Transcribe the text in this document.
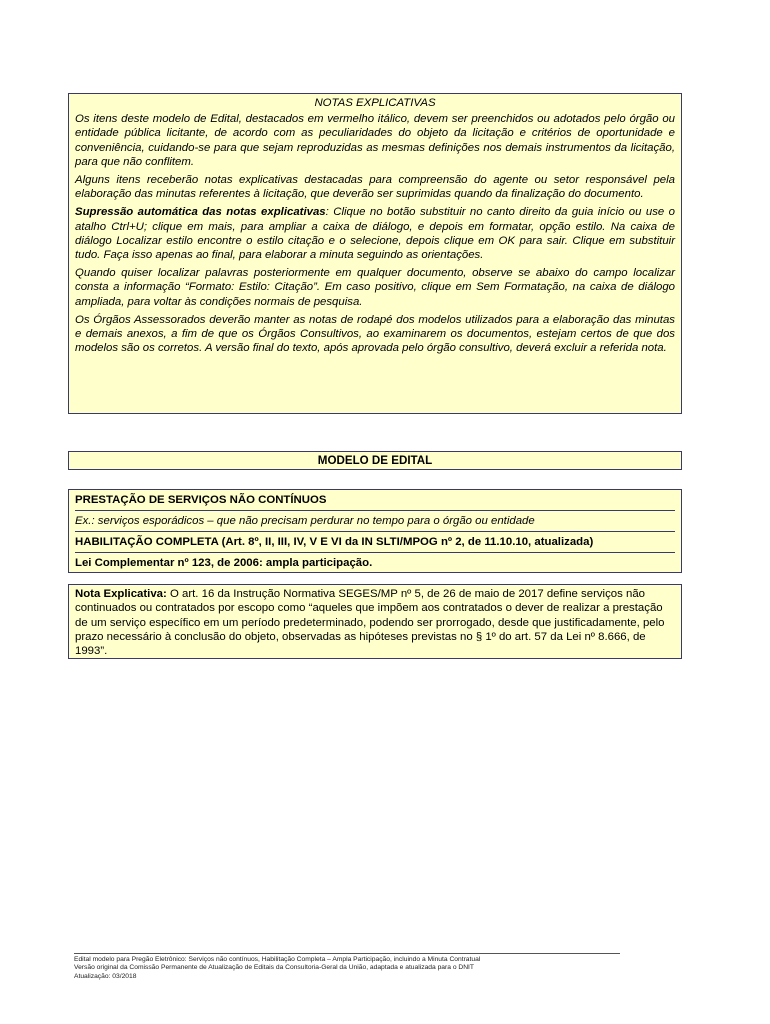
NOTAS EXPLICATIVAS

Os itens deste modelo de Edital, destacados em vermelho itálico, devem ser preenchidos ou adotados pelo órgão ou entidade pública licitante, de acordo com as peculiaridades do objeto da licitação e critérios de oportunidade e conveniência, cuidando-se para que sejam reproduzidas as mesmas definições nos demais instrumentos da licitação, para que não conflitem.

Alguns itens receberão notas explicativas destacadas para compreensão do agente ou setor responsável pela elaboração das minutas referentes à licitação, que deverão ser suprimidas quando da finalização do documento.

Supressão automática das notas explicativas: Clique no botão substituir no canto direito da guia início ou use o atalho Ctrl+U; clique em mais, para ampliar a caixa de diálogo, e depois em formatar, opção estilo. Na caixa de diálogo Localizar estilo encontre o estilo citação e o selecione, depois clique em OK para sair. Clique em substituir tudo. Faça isso apenas ao final, para elaborar a minuta seguindo as orientações.

Quando quiser localizar palavras posteriormente em qualquer documento, observe se abaixo do campo localizar consta a informação “Formato: Estilo: Citação”. Em caso positivo, clique em Sem Formatação, na caixa de diálogo ampliada, para voltar às condições normais de pesquisa.

Os Órgãos Assessorados deverão manter as notas de rodapé dos modelos utilizados para a elaboração das minutas e demais anexos, a fim de que os Órgãos Consultivos, ao examinarem os documentos, estejam certos de que dos modelos são os corretos. A versão final do texto, após aprovada pelo órgão consultivo, deverá excluir a referida nota.

MODELO DE EDITAL
PRESTAÇÃO DE SERVIÇOS NÃO CONTÍNUOS
Ex.: serviços esporádicos – que não precisam perdurar no tempo para o órgão ou entidade
HABILITAÇÃO COMPLETA (Art. 8º, II, III, IV, V E VI da IN SLTI/MPOG nº 2, de 11.10.10, atualizada)
Lei Complementar nº 123, de 2006: ampla participação.

Nota Explicativa: O art. 16 da Instrução Normativa SEGES/MP nº 5, de 26 de maio de 2017 define serviços não continuados ou contratados por escopo como “aqueles que impõem aos contratados o dever de realizar a prestação de um serviço específico em um período predeterminado, podendo ser prorrogado, desde que justificadamente, pelo prazo necessário à conclusão do objeto, observadas as hipóteses previstas no § 1º do art. 57 da Lei nº 8.666, de 1993”.

Edital modelo para Pregão Eletrônico: Serviços não contínuos, Habilitação Completa – Ampla Participação, incluindo a Minuta Contratual
Versão original da Comissão Permanente de Atualização de Editais da Consultoria-Geral da União, adaptada e atualizada para o DNIT
Atualização: 03/2018
